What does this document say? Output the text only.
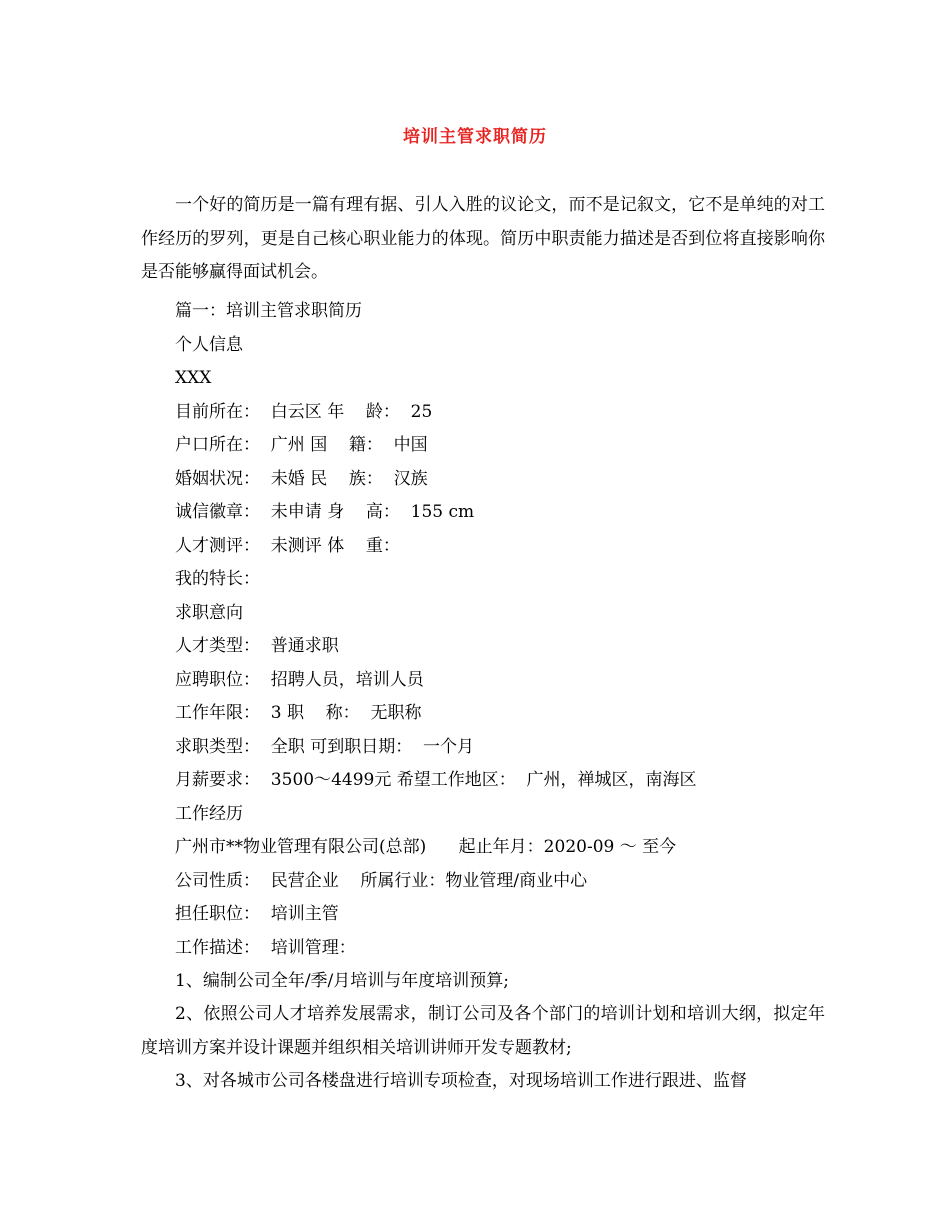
培训主管求职简历
一个好的简历是一篇有理有据、引人入胜的议论文，而不是记叙文，它不是单纯的对工作经历的罗列，更是自己核心职业能力的体现。简历中职责能力描述是否到位将直接影响你是否能够赢得面试机会。
篇一：培训主管求职简历
个人信息
XXX
目前所在：  白云区 年    龄：  25
户口所在：  广州 国    籍：  中国
婚姻状况：  未婚 民    族：  汉族
诚信徽章：  未申请 身    高：  155 cm
人才测评：  未测评 体    重：
我的特长：
求职意向
人才类型：  普通求职
应聘职位：  招聘人员，培训人员
工作年限：  3 职    称：  无职称
求职类型：  全职 可到职日期：  一个月
月薪要求：  3500～4499元 希望工作地区：  广州，禅城区，南海区
工作经历
广州市**物业管理有限公司(总部)      起止年月：2020-09 ～ 至今
公司性质：  民营企业    所属行业：物业管理/商业中心
担任职位：  培训主管
工作描述：  培训管理：
1、编制公司全年/季/月培训与年度培训预算;
2、依照公司人才培养发展需求，制订公司及各个部门的培训计划和培训大纲，拟定年度培训方案并设计课题并组织相关培训讲师开发专题教材;
3、对各城市公司各楼盘进行培训专项检查，对现场培训工作进行跟进、监督
